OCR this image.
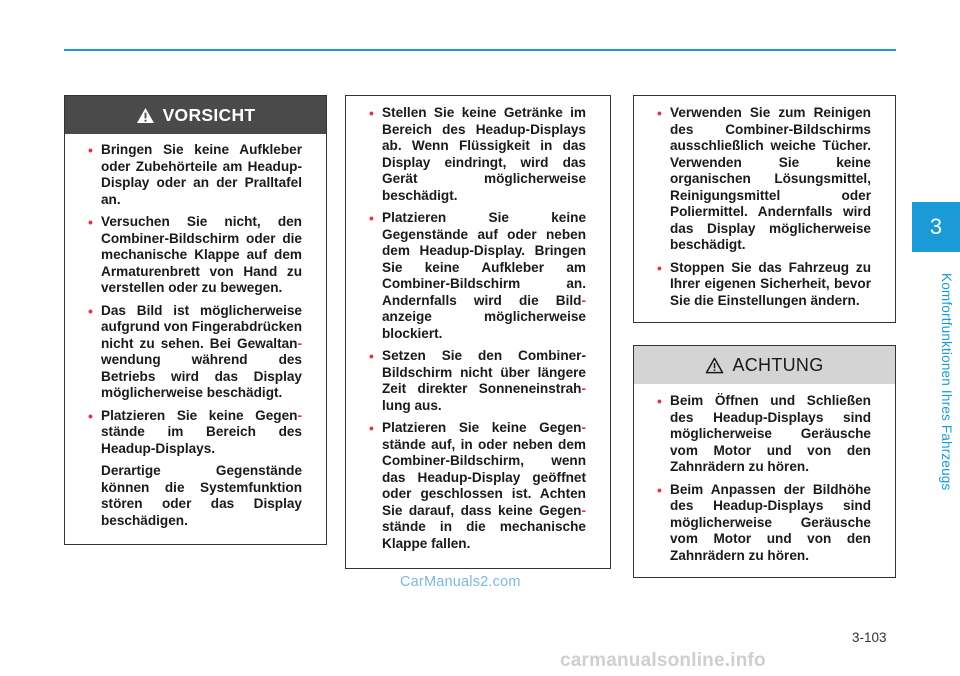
3
Komfortfunktionen Ihres Fahrzeugs
VORSICHT
• Bringen Sie keine Aufkleber oder Zubehörteile am Headup-Display oder an der Pralltafel an.
• Versuchen Sie nicht, den Combiner-Bildschirm oder die mechanische Klappe auf dem Armaturenbrett von Hand zu verstellen oder zu bewegen.
• Das Bild ist möglicherweise aufgrund von Fingerabdrücken nicht zu sehen. Bei Gewaltan-wendung während des Betriebs wird das Display möglicherweise beschädigt.
• Platzieren Sie keine Gegen-stände im Bereich des Headup-Displays.
Derartige Gegenstände können die Systemfunktion stören oder das Display beschädigen.
• Stellen Sie keine Getränke im Bereich des Headup-Displays ab. Wenn Flüssigkeit in das Display eindringt, wird das Gerät möglicherweise beschädigt.
• Platzieren Sie keine Gegenstände auf oder neben dem Headup-Display. Bringen Sie keine Aufkleber am Combiner-Bildschirm an. Andernfalls wird die Bild-anzeige möglicherweise blockiert.
• Setzen Sie den Combiner-Bildschirm nicht über längere Zeit direkter Sonneneinstrah-lung aus.
• Platzieren Sie keine Gegen-stände auf, in oder neben dem Combiner-Bildschirm, wenn das Headup-Display geöffnet oder geschlossen ist. Achten Sie darauf, dass keine Gegen-stände in die mechanische Klappe fallen.
• Verwenden Sie zum Reinigen des Combiner-Bildschirms ausschließlich weiche Tücher. Verwenden Sie keine organischen Lösungsmittel, Reinigungsmittel oder Poliermittel. Andernfalls wird das Display möglicherweise beschädigt.
• Stoppen Sie das Fahrzeug zu Ihrer eigenen Sicherheit, bevor Sie die Einstellungen ändern.
ACHTUNG
• Beim Öffnen und Schließen des Headup-Displays sind möglicherweise Geräusche vom Motor und von den Zahnrädern zu hören.
• Beim Anpassen der Bildhöhe des Headup-Displays sind möglicherweise Geräusche vom Motor und von den Zahnrädern zu hören.
CarManuals2.com
3-103
carmanualsonline.info
